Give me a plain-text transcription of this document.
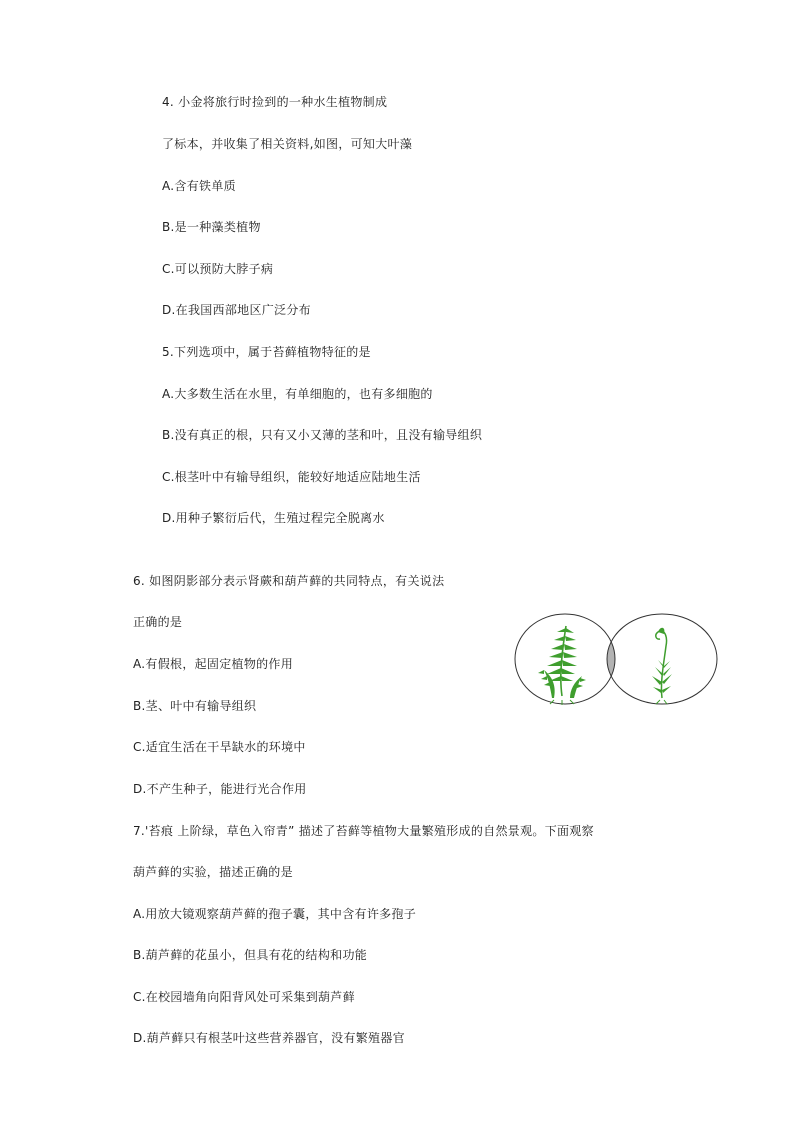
4. 小金将旅行时捡到的一种水生植物制成
了标本，并收集了相关资料,如图，可知大叶藻
A.含有铁单质
B.是一种藻类植物
C.可以预防大脖子病
D.在我国西部地区广泛分布
5.下列选项中，属于苔藓植物特征的是
A.大多数生活在水里，有单细胞的，也有多细胞的
B.没有真正的根，只有又小又薄的茎和叶，且没有输导组织
C.根茎叶中有输导组织，能较好地适应陆地生活
D.用种子繁衍后代，生殖过程完全脱离水
6. 如图阴影部分表示肾蕨和葫芦藓的共同特点，有关说法
正确的是
A.有假根，起固定植物的作用
B.茎、叶中有输导组织
C.适宜生活在干旱缺水的环境中
D.不产生种子，能进行光合作用
7.'苔痕 上阶绿，草色入帘青” 描述了苔藓等植物大量繁殖形成的自然景观。下面观察
葫芦藓的实验，描述正确的是
A.用放大镜观察葫芦藓的孢子囊，其中含有许多孢子
B.葫芦藓的花虽小，但具有花的结构和功能
C.在校园墙角向阳背风处可采集到葫芦藓
D.葫芦藓只有根茎叶这些营养器官，没有繁殖器官
